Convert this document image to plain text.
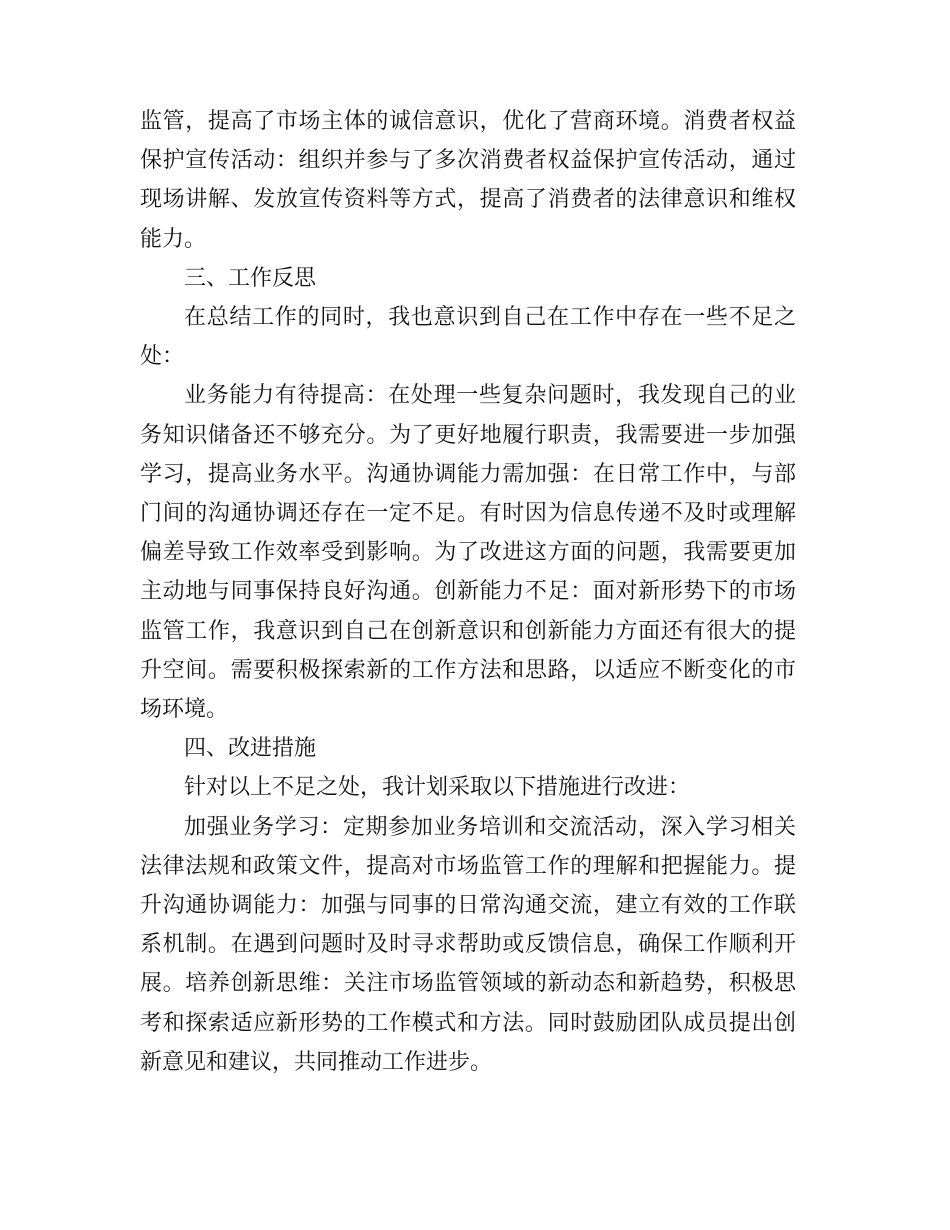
监管，提高了市场主体的诚信意识，优化了营商环境。消费者权益保护宣传活动：组织并参与了多次消费者权益保护宣传活动，通过现场讲解、发放宣传资料等方式，提高了消费者的法律意识和维权能力。

三、工作反思

在总结工作的同时，我也意识到自己在工作中存在一些不足之处：

业务能力有待提高：在处理一些复杂问题时，我发现自己的业务知识储备还不够充分。为了更好地履行职责，我需要进一步加强学习，提高业务水平。沟通协调能力需加强：在日常工作中，与部门间的沟通协调还存在一定不足。有时因为信息传递不及时或理解偏差导致工作效率受到影响。为了改进这方面的问题，我需要更加主动地与同事保持良好沟通。创新能力不足：面对新形势下的市场监管工作，我意识到自己在创新意识和创新能力方面还有很大的提升空间。需要积极探索新的工作方法和思路，以适应不断变化的市场环境。

四、改进措施

针对以上不足之处，我计划采取以下措施进行改进：

加强业务学习：定期参加业务培训和交流活动，深入学习相关法律法规和政策文件，提高对市场监管工作的理解和把握能力。提升沟通协调能力：加强与同事的日常沟通交流，建立有效的工作联系机制。在遇到问题时及时寻求帮助或反馈信息，确保工作顺利开展。培养创新思维：关注市场监管领域的新动态和新趋势，积极思考和探索适应新形势的工作模式和方法。同时鼓励团队成员提出创新意见和建议，共同推动工作进步。
